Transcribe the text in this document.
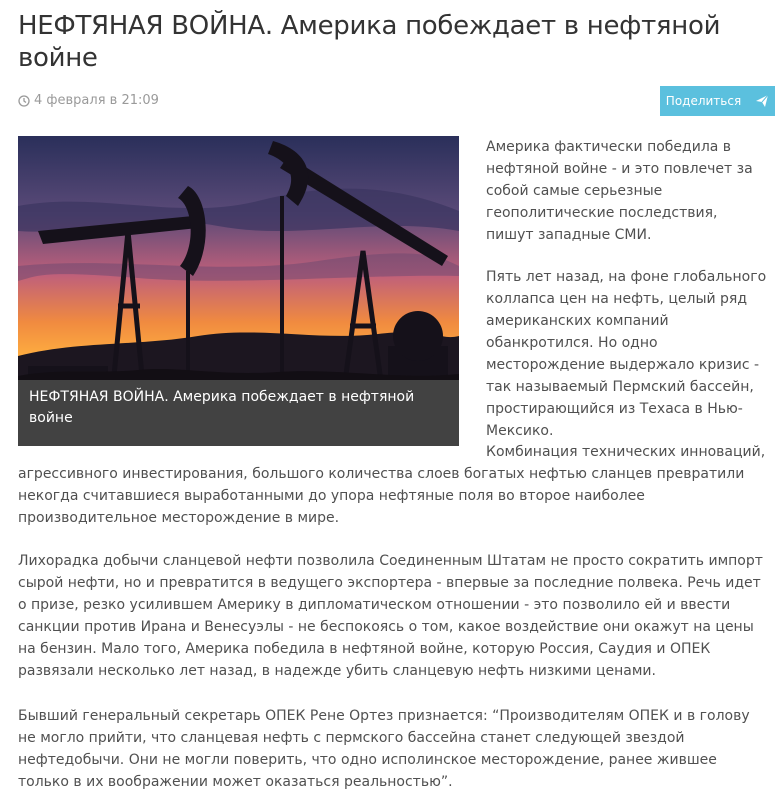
НЕФТЯНАЯ ВОЙНА. Америка побеждает в нефтяной войне
4 февраля в 21:09	Поделиться
НЕФТЯНАЯ ВОЙНА. Америка побеждает в нефтяной войне

Америка фактически победила в нефтяной войне - и это повлечет за собой самые серьезные геополитические последствия, пишут западные СМИ.

Пять лет назад, на фоне глобального коллапса цен на нефть, целый ряд американских компаний обанкротился. Но одно месторождение выдержало кризис - так называемый Пермский бассейн, простирающийся из Техаса в Нью-Мексико.

Комбинация технических инноваций, агрессивного инвестирования, большого количества слоев богатых нефтью сланцев превратили некогда считавшиеся выработанными до упора нефтяные поля во второе наиболее производительное месторождение в мире.

Лихорадка добычи сланцевой нефти позволила Соединенным Штатам не просто сократить импорт сырой нефти, но и превратится в ведущего экспортера - впервые за последние полвека. Речь идет о призе, резко усилившем Америку в дипломатическом отношении - это позволило ей и ввести санкции против Ирана и Венесуэлы - не беспокоясь о том, какое воздействие они окажут на цены на бензин. Мало того, Америка победила в нефтяной войне, которую Россия, Саудия и ОПЕК развязали несколько лет назад, в надежде убить сланцевую нефть низкими ценами.

Бывший генеральный секретарь ОПЕК Рене Ортез признается: “Производителям ОПЕК и в голову не могло прийти, что сланцевая нефть с пермского бассейна станет следующей звездой нефтедобычи. Они не могли поверить, что одно исполинское месторождение, ранее жившее только в их воображении может оказаться реальностью”.
